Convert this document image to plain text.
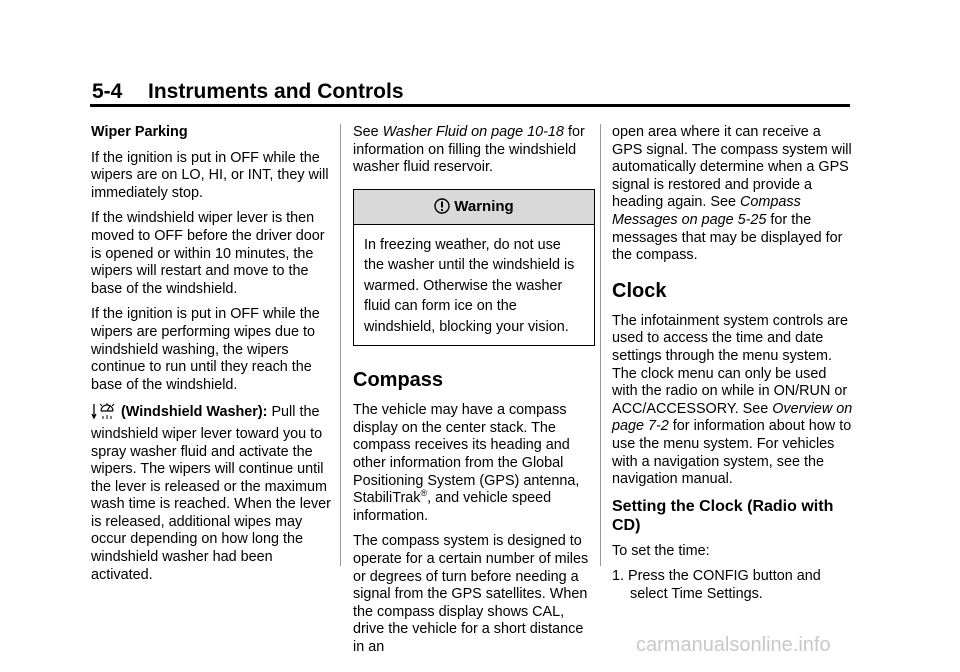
5-4 Instruments and Controls

Wiper Parking

If the ignition is put in OFF while the wipers are on LO, HI, or INT, they will immediately stop.

If the windshield wiper lever is then moved to OFF before the driver door is opened or within 10 minutes, the wipers will restart and move to the base of the windshield.

If the ignition is put in OFF while the wipers are performing wipes due to windshield washing, the wipers continue to run until they reach the base of the windshield.

(Windshield Washer): Pull the windshield wiper lever toward you to spray washer fluid and activate the wipers. The wipers will continue until the lever is released or the maximum wash time is reached. When the lever is released, additional wipes may occur depending on how long the windshield washer had been activated.

See Washer Fluid on page 10-18 for information on filling the windshield washer fluid reservoir.

Warning
In freezing weather, do not use the washer until the windshield is warmed. Otherwise the washer fluid can form ice on the windshield, blocking your vision.
Compass

The vehicle may have a compass display on the center stack. The compass receives its heading and other information from the Global Positioning System (GPS) antenna, StabiliTrak®, and vehicle speed information.

The compass system is designed to operate for a certain number of miles or degrees of turn before needing a signal from the GPS satellites. When the compass display shows CAL, drive the vehicle for a short distance in an

open area where it can receive a GPS signal. The compass system will automatically determine when a GPS signal is restored and provide a heading again. See Compass Messages on page 5-25 for the messages that may be displayed for the compass.

Clock

The infotainment system controls are used to access the time and date settings through the menu system. The clock menu can only be used with the radio on while in ON/RUN or ACC/ACCESSORY. See Overview on page 7-2 for information about how to use the menu system. For vehicles with a navigation system, see the navigation manual.

Setting the Clock (Radio with CD)

To set the time:

1. Press the CONFIG button and select Time Settings.

carmanualsonline.info
